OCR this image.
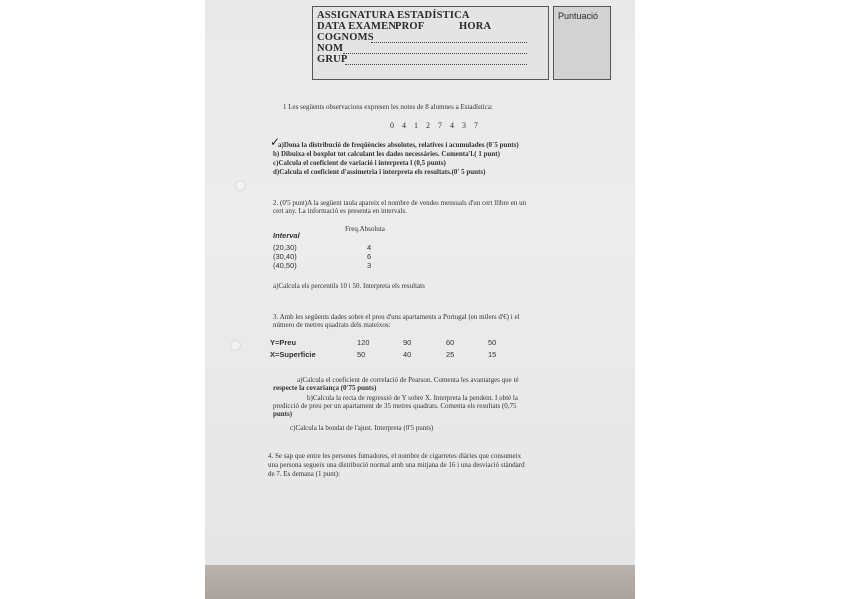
ASSIGNATURA ESTADÍSTICA
DATA EXAMEN
PROF	HORA
COGNOMS
NOM
GRUP
Puntuació
1 Les següents observacions expresen les notes de 8 alumnes a Estadística:
0 4 1 2 7 4 3 7
✓
a)Dona la distribució de freqüències absolutes, relatives i acumulades (0´5 punts)
b) Dibuixa el boxplot tot calculant les dades necessàries. Comenta'l.( 1 punt)
c)Calcula el coeficient de variació i interpreta l (0,5 punts)
d)Calcula el coeficient d'assimetria i interpreta els resultats.(0' 5 punts)
2. (0'5 punt)A la següent taula apareix el nombre de vendes mensuals d'un cert llibre en un
cert any. La informació es presenta en intervals.
Freq.Absoluta
Interval
(20,30)	4
(30,40)	6
(40,50)	3
a)Calcula els percentils 10 i 50. Interpreta els resultats
3. Amb les següents dades sobre el preu d'uns apartaments a Portugal (en milers d'€) i el
número de metres quadrats dels mateixos:
Y=Preu	120	90	60	50
X=Superficie	50	40	25	15
a)Calcula el coeficient de correlació de Pearson. Comenta les avantatges que té
respecte la covariança (0'75 punts)
b)Calcula la recta de regressió de Y sobre X. Interpreta la pendent. I obté la
predicció de preu per un apartament de 35 metres quadrats. Comenta els resultats (0,75
punts)
c)Calcula la bondat de l'ajust. Interpreta (0'5 punts)
4. Se sap que entre les persones fumadores, el nombre de cigarretes diàries que consumeix
una persona segueix una distribució normal amb una mitjana de 16 i una desviació stàndard
de 7. Es demana (1 punt):
